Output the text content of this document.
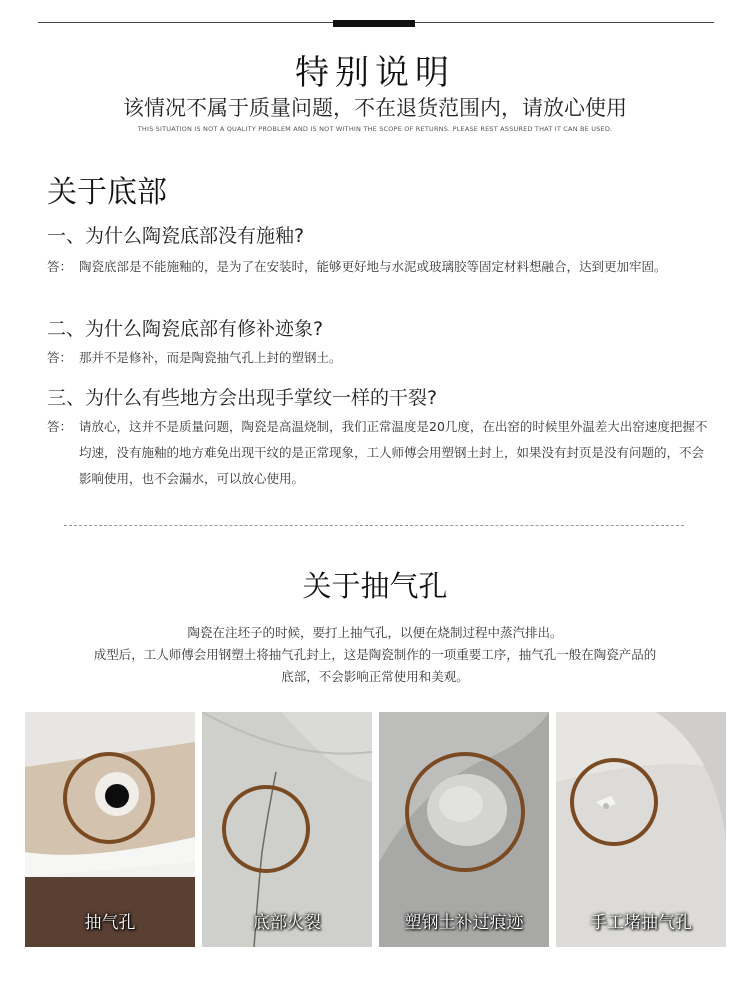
特别说明
该情况不属于质量问题，不在退货范围内，请放心使用
THIS SITUATION IS NOT A QUALITY PROBLEM AND IS NOT WITHIN THE SCOPE OF RETURNS. PLEASE REST ASSURED THAT IT CAN BE USED.
关于底部
一、为什么陶瓷底部没有施釉?
答： 陶瓷底部是不能施釉的，是为了在安装时，能够更好地与水泥或玻璃胶等固定材料想融合，达到更加牢固。
二、为什么陶瓷底部有修补迹象?
答： 那并不是修补，而是陶瓷抽气孔上封的塑钢土。
三、为什么有些地方会出现手掌纹一样的干裂?
答： 请放心，这并不是质量问题，陶瓷是高温烧制，我们正常温度是20几度，在出窑的时候里外温差大出窑速度把握不均速，没有施釉的地方难免出现干纹的是正常现象，工人师傅会用塑钢土封上，如果没有封页是没有问题的，不会影响使用，也不会漏水，可以放心使用。
关于抽气孔
陶瓷在注坯子的时候，要打上抽气孔，以便在烧制过程中蒸汽排出。
成型后，工人师傅会用钢塑土将抽气孔封上，这是陶瓷制作的一项重要工序，抽气孔一般在陶瓷产品的
底部，不会影响正常使用和美观。
抽气孔	底部火裂	塑钢土补过痕迹	手工堵抽气孔
